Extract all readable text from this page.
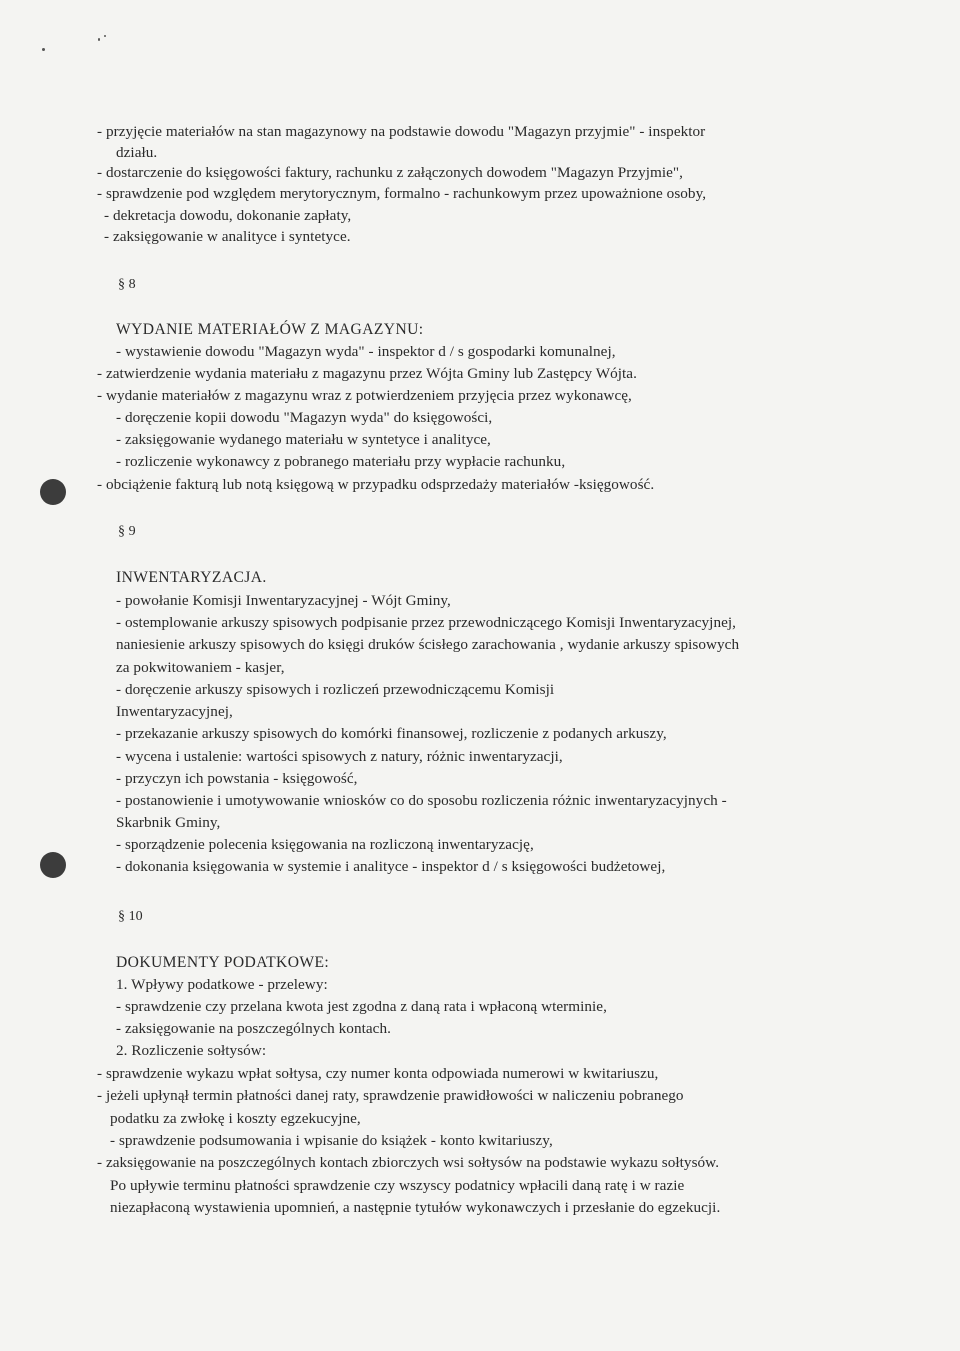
- przyjęcie materiałów na stan magazynowy na podstawie dowodu "Magazyn przyjmie" - inspektor
działu.
- dostarczenie do księgowości faktury, rachunku z załączonych dowodem "Magazyn Przyjmie",
- sprawdzenie pod względem merytorycznym, formalno - rachunkowym przez upoważnione osoby,
- dekretacja dowodu, dokonanie zapłaty,
- zaksięgowanie w analityce i syntetyce.
§ 8
WYDANIE MATERIAŁÓW Z MAGAZYNU:
- wystawienie dowodu "Magazyn wyda" - inspektor d / s gospodarki komunalnej,
- zatwierdzenie wydania materiału z magazynu przez Wójta Gminy lub Zastępcy Wójta.
- wydanie materiałów z magazynu wraz z potwierdzeniem przyjęcia przez wykonawcę,
- doręczenie kopii dowodu "Magazyn wyda" do księgowości,
- zaksięgowanie wydanego materiału w syntetyce i analityce,
- rozliczenie wykonawcy z pobranego materiału przy wypłacie rachunku,
- obciążenie fakturą lub notą księgową w przypadku odsprzedaży materiałów -księgowość.
§ 9
INWENTARYZACJA.
- powołanie Komisji Inwentaryzacyjnej - Wójt Gminy,
- ostemplowanie arkuszy spisowych podpisanie przez przewodniczącego Komisji Inwentaryzacyjnej,
naniesienie arkuszy spisowych do księgi druków ścisłego zarachowania , wydanie arkuszy spisowych
za pokwitowaniem - kasjer,
- doręczenie arkuszy spisowych i rozliczeń przewodniczącemu Komisji
Inwentaryzacyjnej,
- przekazanie arkuszy spisowych do komórki finansowej, rozliczenie z podanych arkuszy,
- wycena i ustalenie: wartości spisowych z natury, różnic inwentaryzacji,
- przyczyn ich powstania - księgowość,
- postanowienie i umotywowanie wniosków co do sposobu rozliczenia różnic inwentaryzacyjnych -
Skarbnik Gminy,
- sporządzenie polecenia księgowania na rozliczoną inwentaryzację,
- dokonania księgowania w systemie i analityce - inspektor d / s księgowości budżetowej,
§ 10
DOKUMENTY PODATKOWE:
1. Wpływy podatkowe - przelewy:
- sprawdzenie czy przelana kwota jest zgodna z daną rata i wpłaconą wterminie,
- zaksięgowanie na poszczególnych kontach.
2. Rozliczenie sołtysów:
- sprawdzenie wykazu wpłat sołtysa, czy numer konta odpowiada numerowi w kwitariuszu,
- jeżeli upłynął termin płatności danej raty, sprawdzenie prawidłowości w naliczeniu pobranego
podatku za zwłokę i koszty egzekucyjne,
- sprawdzenie podsumowania i wpisanie do książek - konto kwitariuszy,
- zaksięgowanie na poszczególnych kontach zbiorczych wsi sołtysów na podstawie wykazu sołtysów.
Po upływie terminu płatności sprawdzenie czy wszyscy podatnicy wpłacili daną ratę i w razie
niezapłaconą wystawienia upomnień, a następnie tytułów wykonawczych i przesłanie do egzekucji.
